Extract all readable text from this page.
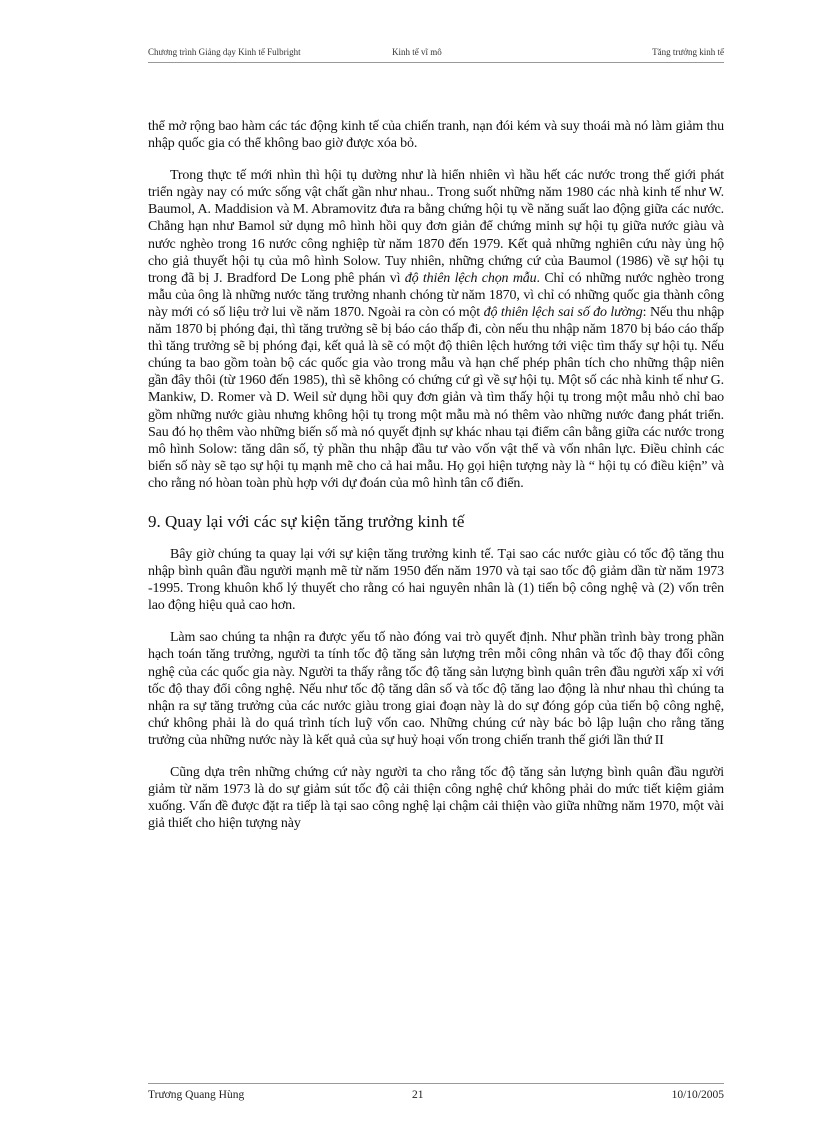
Chương trình Giảng dạy Kinh tế Fulbright	Kinh tế vĩ mô	Tăng trưởng kinh tế

thể mở rộng bao hàm các tác động kinh tế của chiến tranh, nạn đói kém và suy thoái mà nó làm giảm thu nhập quốc gia có thể không bao giờ được xóa bỏ.

Trong thực tế mới nhìn thì hội tụ dường như là hiển nhiên vì hầu hết các nước trong thế giới phát triển ngày nay có mức sống vật chất gần như nhau.. Trong suốt những năm 1980 các nhà kinh tế như W. Baumol, A. Maddision và M. Abramovitz đưa ra bằng chứng hội tụ về năng suất lao động giữa các nước. Chẳng hạn như Bamol sử dụng mô hình hồi quy đơn giản để chứng minh sự hội tụ giữa nước giàu và nước nghèo trong 16 nước công nghiệp từ năm 1870 đến 1979. Kết quả những nghiên cứu này ủng hộ cho giả thuyết hội tụ của mô hình Solow. Tuy nhiên, những chứng cứ của Baumol (1986) về sự hội tụ trong đã bị J. Bradford De Long phê phán vì độ thiên lệch chọn mẫu. Chỉ có những nước nghèo trong mẫu của ông là những nước tăng trưởng nhanh chóng từ năm 1870, vì chỉ có những quốc gia thành công này mới có số liệu trở lui về năm 1870. Ngoài ra còn có một độ thiên lệch sai số đo lường: Nếu thu nhập năm 1870 bị phóng đại, thì tăng trưởng sẽ bị báo cáo thấp đi, còn nếu thu nhập năm 1870 bị báo cáo thấp thì tăng trưởng sẽ bị phóng đại, kết quả là sẽ có một độ thiên lệch hướng tới việc tìm thấy sự hội tụ. Nếu chúng ta bao gồm toàn bộ các quốc gia vào trong mẫu và hạn chế phép phân tích cho những thập niên gần đây thôi (từ 1960 đến 1985), thì sẽ không có chứng cứ gì về sự hội tụ. Một số các nhà kinh tế như G. Mankiw, D. Romer và D. Weil sử dụng hồi quy đơn giản và tìm thấy hội tụ trong một mẫu nhỏ chỉ bao gồm những nước giàu nhưng không hội tụ trong một mẫu mà nó thêm vào những nước đang phát triển. Sau đó họ thêm vào những biến số mà nó quyết định sự khác nhau tại điểm cân bằng giữa các nước trong mô hình Solow: tăng dân số, tỷ phần thu nhập đầu tư vào vốn vật thể và vốn nhân lực. Điều chỉnh các biến số này sẽ tạo sự hội tụ mạnh mẽ cho cả hai mẫu. Họ gọi hiện tượng này là “ hội tụ có điều kiện” và cho rằng nó hòan toàn phù hợp với dự đoán của mô hình tân cổ điển.

9. Quay lại với các sự kiện tăng trưởng kinh tế

Bây giờ chúng ta quay lại với sự kiện tăng trưởng kinh tế. Tại sao các nước giàu có tốc độ tăng thu nhập bình quân đầu người mạnh mẽ từ năm 1950 đến năm 1970 và tại sao tốc độ giảm dần từ năm 1973 -1995. Trong khuôn khổ lý thuyết cho rằng có hai nguyên nhân là (1) tiến bộ công nghệ và (2) vốn trên lao động hiệu quả cao hơn.

Làm sao chúng ta nhận ra được yếu tố nào đóng vai trò quyết định. Như phần trình bày trong phần hạch toán tăng trưởng, người ta tính tốc độ tăng sản lượng trên mỗi công nhân và tốc độ thay đổi công nghệ của các quốc gia này. Người ta thấy rằng tốc độ tăng sản lượng bình quân trên đầu người xấp xỉ với tốc độ thay đổi công nghệ. Nếu như tốc độ tăng dân số và tốc độ tăng lao động là như nhau thì chúng ta nhận ra sự tăng trưởng của các nước giàu trong giai đoạn này là do sự đóng góp của tiến bộ công nghệ, chứ không phải là do quá trình tích luỹ vốn cao. Những chúng cứ này bác bỏ lập luận cho rằng tăng trưởng của những nước này là kết quả của sự huỷ hoại vốn trong chiến tranh thế giới lần thứ II

Cũng dựa trên những chứng cứ này người ta cho rằng tốc độ tăng sản lượng bình quân đầu người giảm từ năm 1973 là do sự giảm sút tốc độ cải thiện công nghệ chứ không phải do mức tiết kiệm giảm xuống. Vấn đề được đặt ra tiếp là tại sao công nghệ lại chậm cải thiện vào giữa những năm 1970, một vài giả thiết cho hiện tượng này

Trương Quang Hùng	21	10/10/2005
